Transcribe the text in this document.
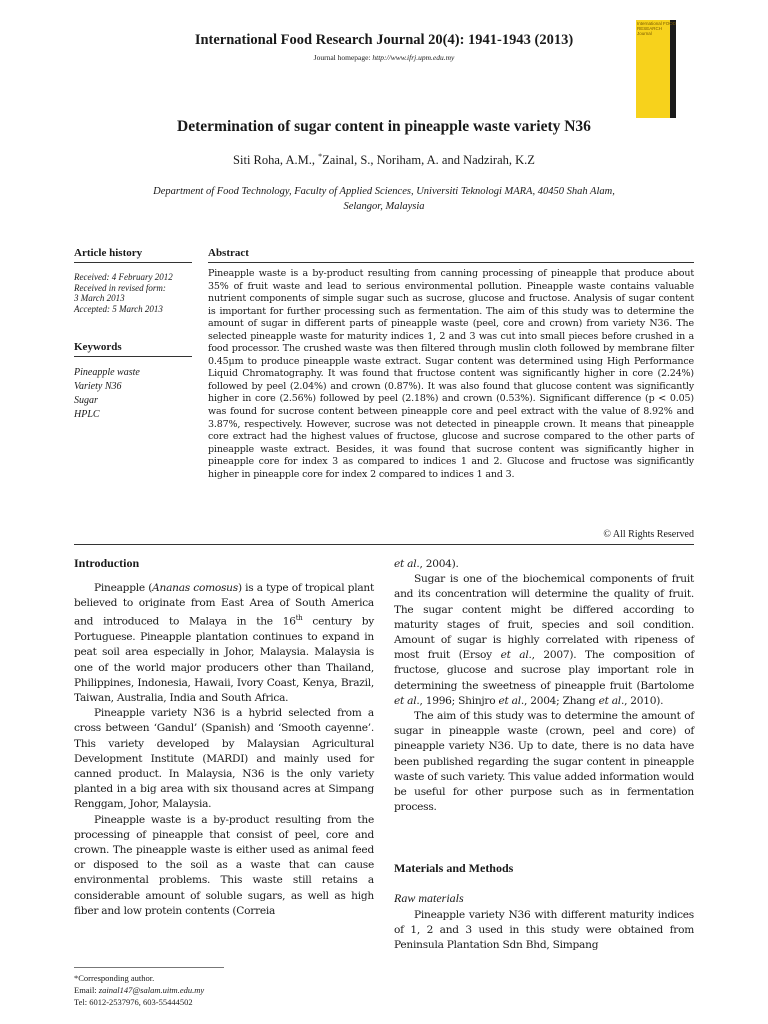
International Food Research Journal 20(4): 1941-1943 (2013)
Journal homepage: http://www.ifrj.upm.edu.my
International FOOD RESEARCH Journal
Determination of sugar content in pineapple waste variety N36
Siti Roha, A.M., *Zainal, S., Noriham, A. and Nadzirah, K.Z
Department of Food Technology, Faculty of Applied Sciences, Universiti Teknologi MARA, 40450 Shah Alam, Selangor, Malaysia
Article history
Received: 4 February 2012
Received in revised form:
3 March 2013
Accepted: 5 March 2013
Keywords
Pineapple waste
Variety N36
Sugar
HPLC
Abstract
Pineapple waste is a by-product resulting from canning processing of pineapple that produce about 35% of fruit waste and lead to serious environmental pollution. Pineapple waste contains valuable nutrient components of simple sugar such as sucrose, glucose and fructose. Analysis of sugar content is important for further processing such as fermentation. The aim of this study was to determine the amount of sugar in different parts of pineapple waste (peel, core and crown) from variety N36. The selected pineapple waste for maturity indices 1, 2 and 3 was cut into small pieces before crushed in a food processor. The crushed waste was then filtered through muslin cloth followed by membrane filter 0.45μm to produce pineapple waste extract. Sugar content was determined using High Performance Liquid Chromatography. It was found that fructose content was significantly higher in core (2.24%) followed by peel (2.04%) and crown (0.87%). It was also found that glucose content was significantly higher in core (2.56%) followed by peel (2.18%) and crown (0.53%). Significant difference (p < 0.05) was found for sucrose content between pineapple core and peel extract with the value of 8.92% and 3.87%, respectively. However, sucrose was not detected in pineapple crown. It means that pineapple core extract had the highest values of fructose, glucose and sucrose compared to the other parts of pineapple waste extract. Besides, it was found that sucrose content was significantly higher in pineapple core for index 3 as compared to indices 1 and 2. Glucose and fructose was significantly higher in pineapple core for index 2 compared to indices 1 and 3.
© All Rights Reserved
Introduction

Pineapple (Ananas comosus) is a type of tropical plant believed to originate from East Area of South America and introduced to Malaya in the 16th century by Portuguese. Pineapple plantation continues to expand in peat soil area especially in Johor, Malaysia. Malaysia is one of the world major producers other than Thailand, Philippines, Indonesia, Hawaii, Ivory Coast, Kenya, Brazil, Taiwan, Australia, India and South Africa.

Pineapple variety N36 is a hybrid selected from a cross between ‘Gandul’ (Spanish) and ‘Smooth cayenne’. This variety developed by Malaysian Agricultural Development Institute (MARDI) and mainly used for canned product. In Malaysia, N36 is the only variety planted in a big area with six thousand acres at Simpang Renggam, Johor, Malaysia.

Pineapple waste is a by-product resulting from the processing of pineapple that consist of peel, core and crown. The pineapple waste is either used as animal feed or disposed to the soil as a waste that can cause environmental problems. This waste still retains a considerable amount of soluble sugars, as well as high fiber and low protein contents (Correia

et al., 2004).

Sugar is one of the biochemical components of fruit and its concentration will determine the quality of fruit. The sugar content might be differed according to maturity stages of fruit, species and soil condition. Amount of sugar is highly correlated with ripeness of most fruit (Ersoy et al., 2007). The composition of fructose, glucose and sucrose play important role in determining the sweetness of pineapple fruit (Bartolome et al., 1996; Shinjro et al., 2004; Zhang et al., 2010).

The aim of this study was to determine the amount of sugar in pineapple waste (crown, peel and core) of pineapple variety N36. Up to date, there is no data have been published regarding the sugar content in pineapple waste of such variety. This value added information would be useful for other purpose such as in fermentation process.

Materials and Methods
Raw materials

Pineapple variety N36 with different maturity indices of 1, 2 and 3 used in this study were obtained from Peninsula Plantation Sdn Bhd, Simpang

*Corresponding author.
Email: zainal147@salam.uitm.edu.my
Tel: 6012-2537976, 603-55444502
